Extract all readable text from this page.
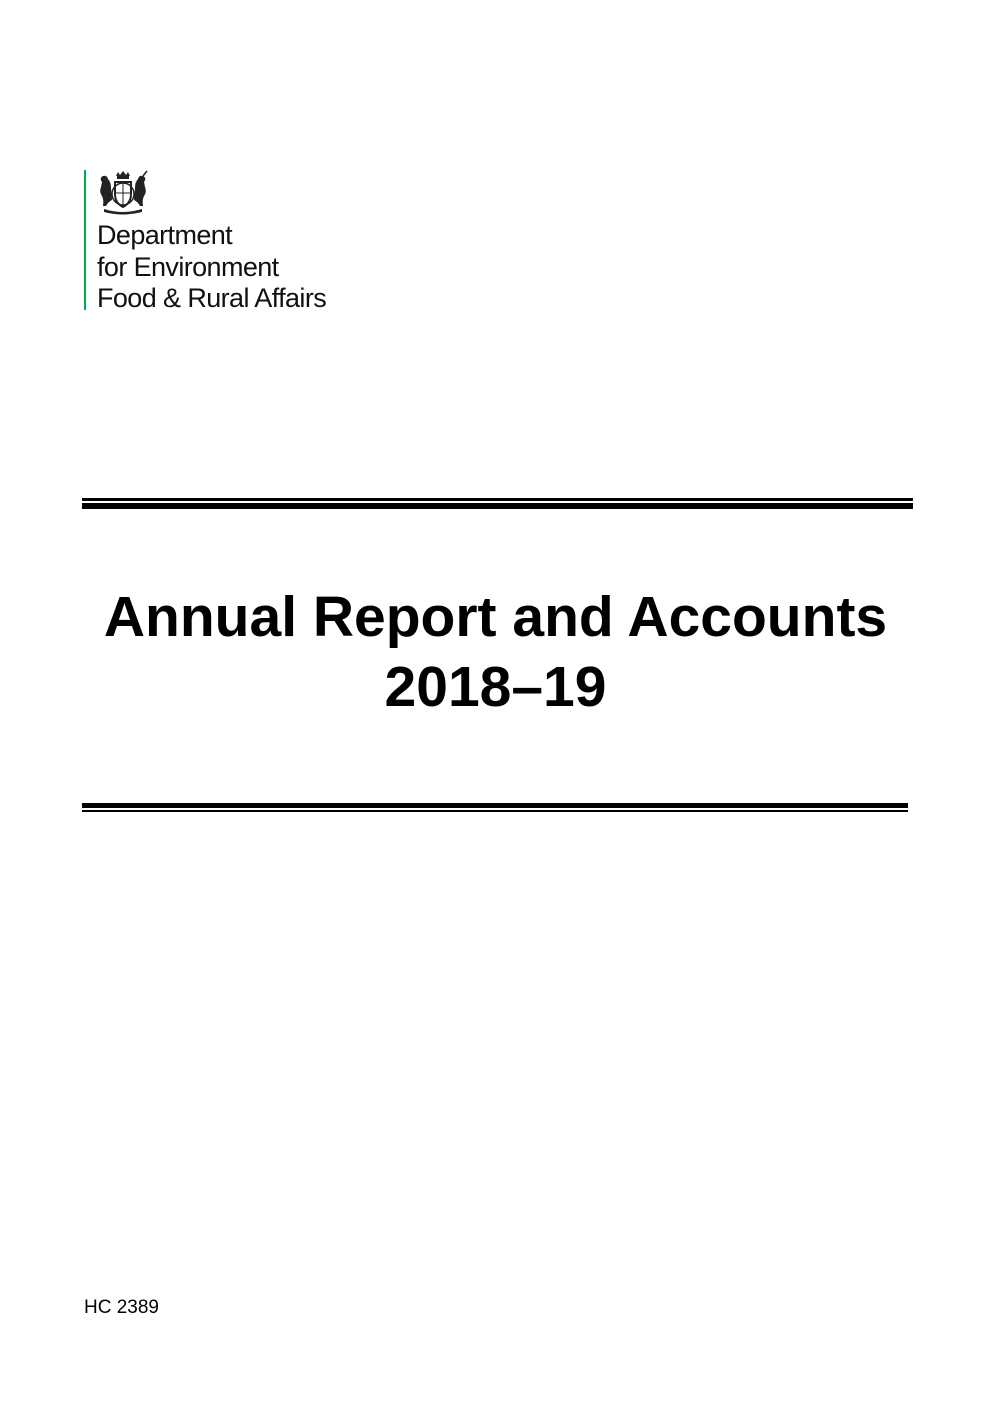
Department
for Environment
Food & Rural Affairs
Annual Report and Accounts
2018–19
HC 2389
